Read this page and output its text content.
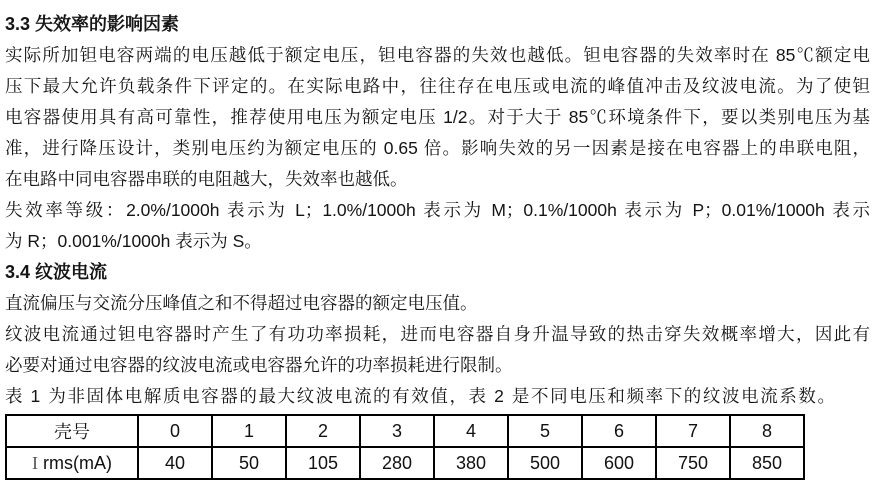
3.3 失效率的影响因素
实际所加钽电容两端的电压越低于额定电压，钽电容器的失效也越低。钽电容器的失效率时在 85℃额定电
压下最大允许负载条件下评定的。在实际电路中，往往存在电压或电流的峰值冲击及纹波电流。为了使钽
电容器使用具有高可靠性，推荐使用电压为额定电压 1/2。对于大于 85℃环境条件下，要以类别电压为基
准，进行降压设计，类别电压约为额定电压的 0.65 倍。影响失效的另一因素是接在电容器上的串联电阻，
在电路中同电容器串联的电阻越大，失效率也越低。
失效率等级：2.0%/1000h 表示为 L；1.0%/1000h 表示为 M；0.1%/1000h 表示为 P；0.01%/1000h 表示
为 R；0.001%/1000h 表示为 S。
3.4 纹波电流
直流偏压与交流分压峰值之和不得超过电容器的额定电压值。
纹波电流通过钽电容器时产生了有功功率损耗，进而电容器自身升温导致的热击穿失效概率增大，因此有
必要对通过电容器的纹波电流或电容器允许的功率损耗进行限制。
表 1 为非固体电解质电容器的最大纹波电流的有效值，表 2 是不同电压和频率下的纹波电流系数。
壳号	0	1	2	3	4	5	6	7	8
I rms(mA)	40	50	105	280	380	500	600	750	850
